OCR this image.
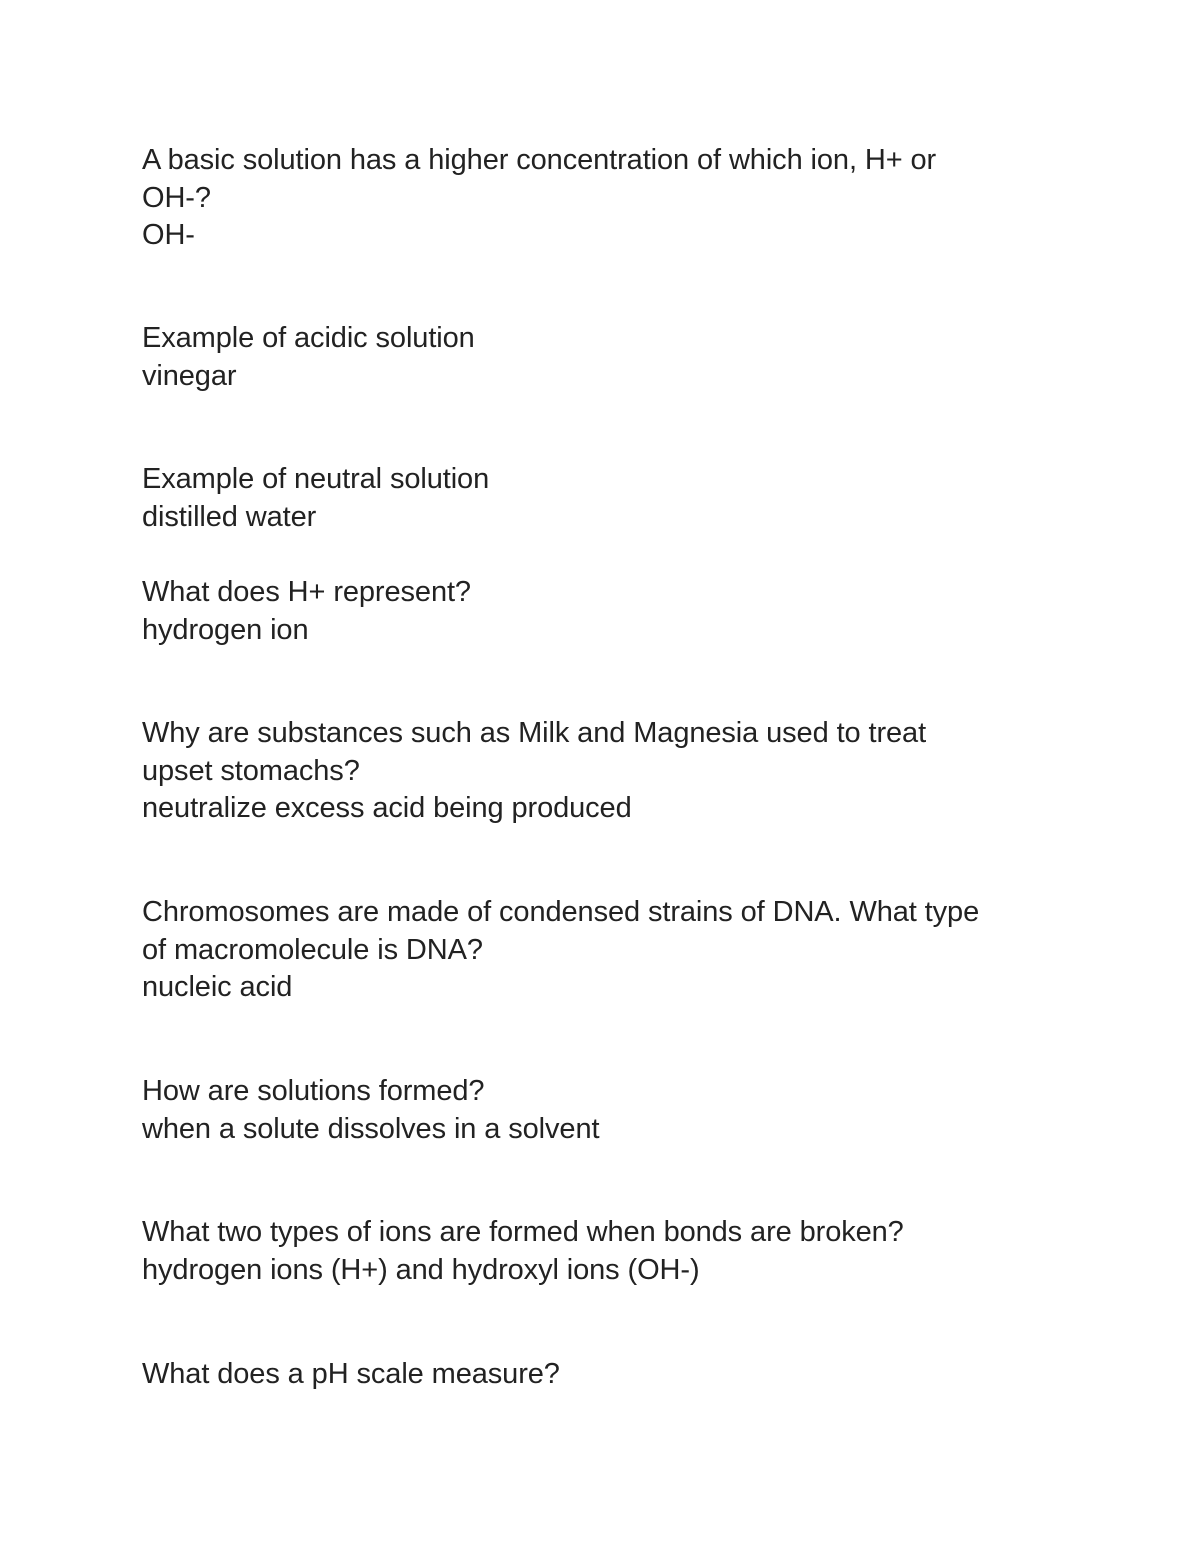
A basic solution has a higher concentration of which ion, H+ or
OH-?
OH-
Example of acidic solution
vinegar
Example of neutral solution
distilled water
What does H+ represent?
hydrogen ion
Why are substances such as Milk and Magnesia used to treat
upset stomachs?
neutralize excess acid being produced
Chromosomes are made of condensed strains of DNA. What type
of macromolecule is DNA?
nucleic acid
How are solutions formed?
when a solute dissolves in a solvent
What two types of ions are formed when bonds are broken?
hydrogen ions (H+) and hydroxyl ions (OH-)
What does a pH scale measure?
